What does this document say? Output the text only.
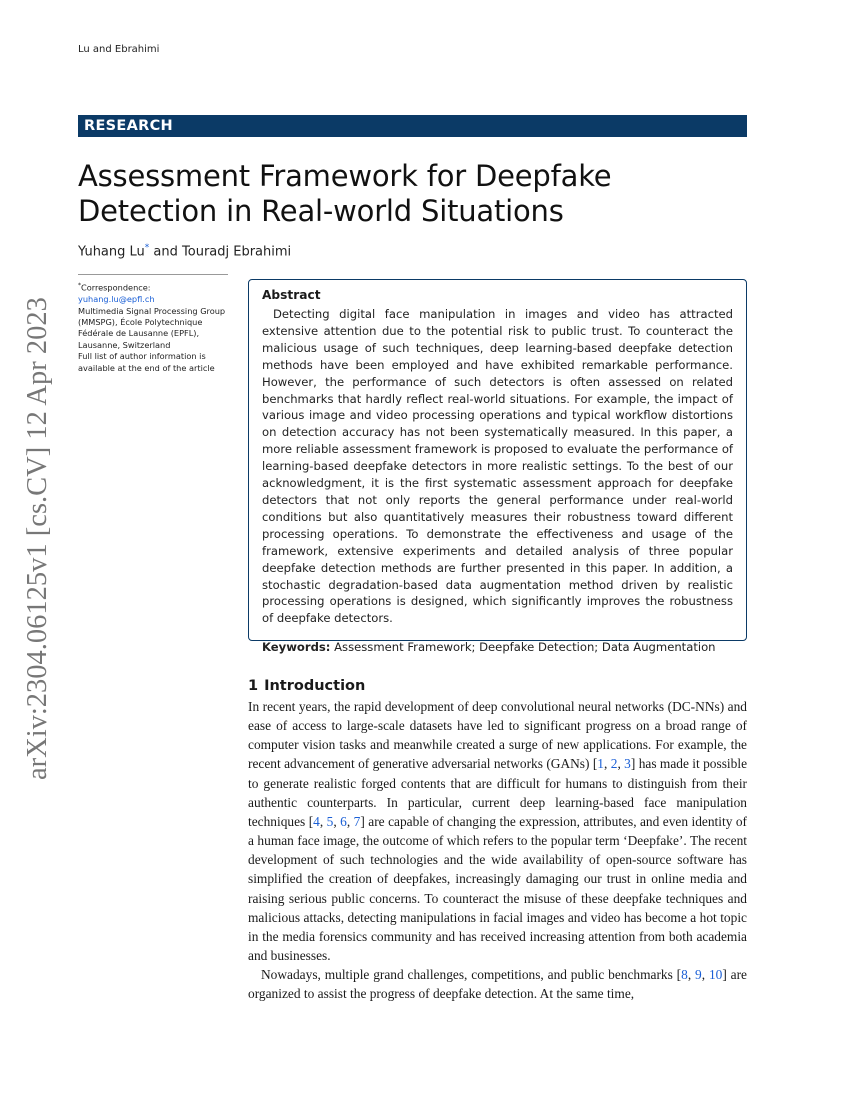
Lu and Ebrahimi
RESEARCH
Assessment Framework for Deepfake Detection in Real-world Situations
Yuhang Lu* and Touradj Ebrahimi
*Correspondence:
yuhang.lu@epfl.ch
Multimedia Signal Processing Group (MMSPG), École Polytechnique Fédérale de Lausanne (EPFL), Lausanne, Switzerland
Full list of author information is available at the end of the article
arXiv:2304.06125v1 [cs.CV] 12 Apr 2023
Abstract
Detecting digital face manipulation in images and video has attracted extensive attention due to the potential risk to public trust. To counteract the malicious usage of such techniques, deep learning-based deepfake detection methods have been employed and have exhibited remarkable performance. However, the performance of such detectors is often assessed on related benchmarks that hardly reflect real-world situations. For example, the impact of various image and video processing operations and typical workflow distortions on detection accuracy has not been systematically measured. In this paper, a more reliable assessment framework is proposed to evaluate the performance of learning-based deepfake detectors in more realistic settings. To the best of our acknowledgment, it is the first systematic assessment approach for deepfake detectors that not only reports the general performance under real-world conditions but also quantitatively measures their robustness toward different processing operations. To demonstrate the effectiveness and usage of the framework, extensive experiments and detailed analysis of three popular deepfake detection methods are further presented in this paper. In addition, a stochastic degradation-based data augmentation method driven by realistic processing operations is designed, which significantly improves the robustness of deepfake detectors.
Keywords: Assessment Framework; Deepfake Detection; Data Augmentation
1 Introduction

In recent years, the rapid development of deep convolutional neural networks (DC-NNs) and ease of access to large-scale datasets have led to significant progress on a broad range of computer vision tasks and meanwhile created a surge of new applications. For example, the recent advancement of generative adversarial networks (GANs) [1, 2, 3] has made it possible to generate realistic forged contents that are difficult for humans to distinguish from their authentic counterparts. In particular, current deep learning-based face manipulation techniques [4, 5, 6, 7] are capable of changing the expression, attributes, and even identity of a human face image, the outcome of which refers to the popular term ‘Deepfake’. The recent development of such technologies and the wide availability of open-source software has simplified the creation of deepfakes, increasingly damaging our trust in online media and raising serious public concerns. To counteract the misuse of these deepfake techniques and malicious attacks, detecting manipulations in facial images and video has become a hot topic in the media forensics community and has received increasing attention from both academia and businesses.

Nowadays, multiple grand challenges, competitions, and public benchmarks [8, 9, 10] are organized to assist the progress of deepfake detection. At the same time,
